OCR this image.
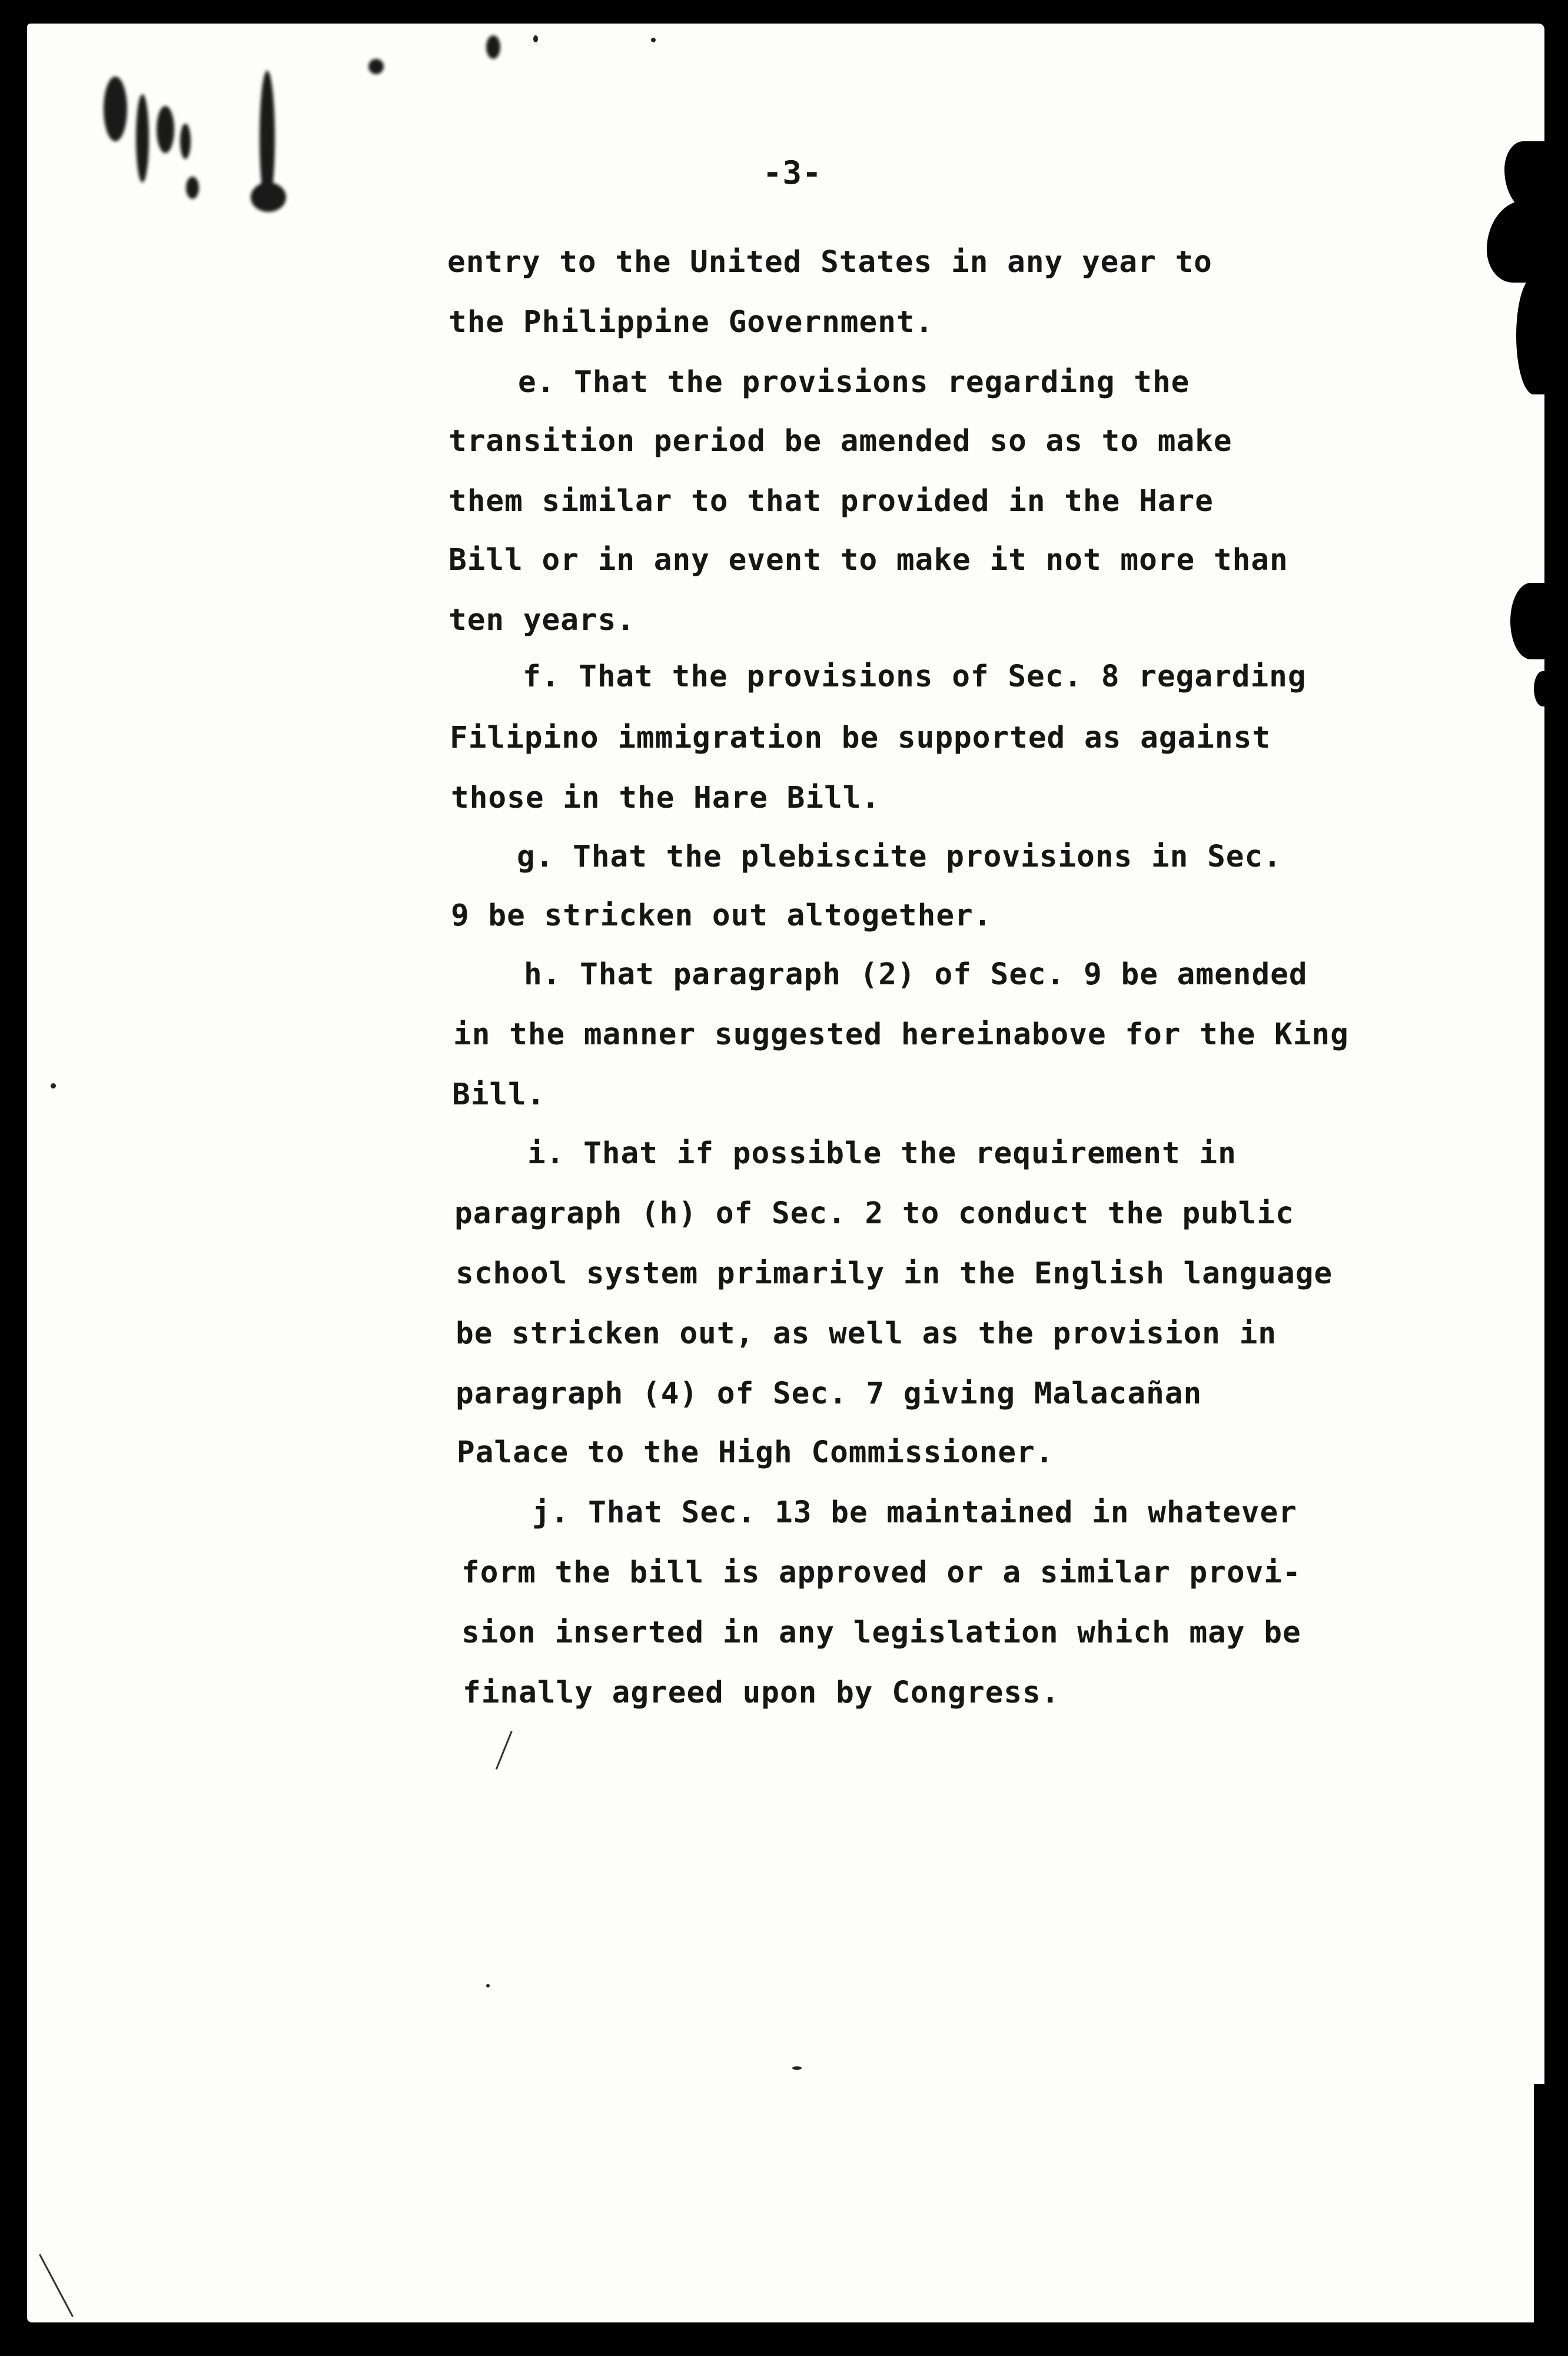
-3-

entry to the United States in any year to

the Philippine Government.

e. That the provisions regarding the

transition period be amended so as to make

them similar to that provided in the Hare

Bill or in any event to make it not more than

ten years.

f. That the provisions of Sec. 8 regarding

Filipino immigration be supported as against

those in the Hare Bill.

g. That the plebiscite provisions in Sec.

9 be stricken out altogether.

h. That paragraph (2) of Sec. 9 be amended

in the manner suggested hereinabove for the King

Bill.

i. That if possible the requirement in

paragraph (h) of Sec. 2 to conduct the public

school system primarily in the English language

be stricken out, as well as the provision in

paragraph (4) of Sec. 7 giving Malacañan

Palace to the High Commissioner.

j. That Sec. 13 be maintained in whatever

form the bill is approved or a similar provi-

sion inserted in any legislation which may be

finally agreed upon by Congress.
